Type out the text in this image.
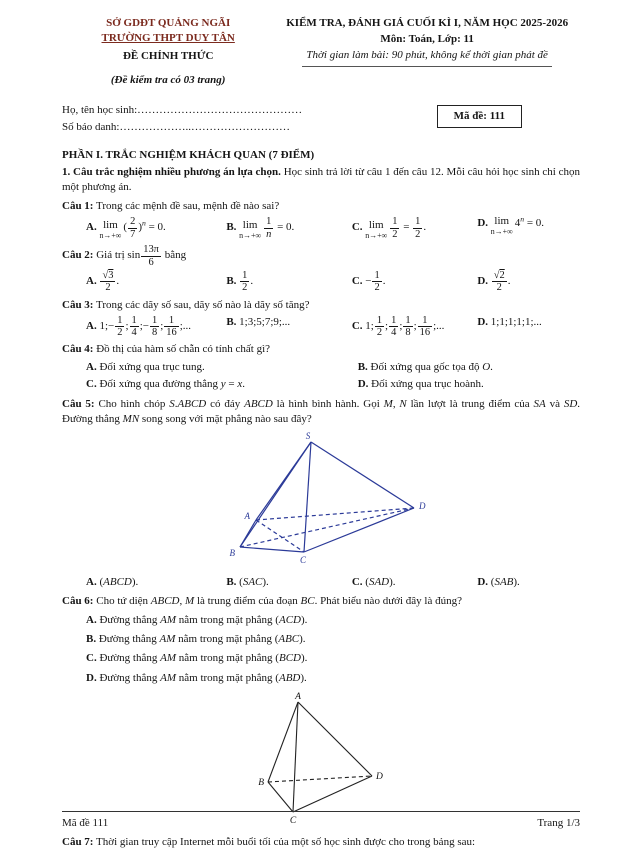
SỞ GDĐT QUẢNG NGÃI
TRƯỜNG THPT DUY TÂN
ĐỀ CHÍNH THỨC
(Đề kiểm tra có 03 trang)
KIỂM TRA, ĐÁNH GIÁ CUỐI KÌ I, NĂM HỌC 2025-2026
Môn: Toán, Lớp: 11
Thời gian làm bài: 90 phút, không kể thời gian phát đề
Họ, tên học sinh:………………………………………
Số báo danh:………………..………………………
Mã đề: 111
PHẦN I. TRẮC NGHIỆM KHÁCH QUAN (7 ĐIỂM)
1. Câu trắc nghiệm nhiều phương án lựa chọn. Học sinh trả lời từ câu 1 đến câu 12. Mỗi câu hỏi học sinh chỉ chọn một phương án.

Câu 1: Trong các mệnh đề sau, mệnh đề nào sai?

A. lim
n→+∞
( $\frac{2}{7} )^n = 0$.	B. lim
$n\to+\infty \frac{1}{n} = 0$.	C. lim
$n\to+\infty \frac{1}{2} = \frac{1}{2}$ .	D. lim
n→+∞
$4^n = 0$.

Câu 2: Giá trị $\sin \frac{13\pi}{6}$ bằng

A. $\frac{√3}{2}$ .	B. $\frac{1}{2}$ .	C. − $\frac{1}{2}$ .	D. $\frac{√2}{2}$ .

Câu 3: Trong các dãy số sau, dãy số nào là dãy số tăng?

A. 1;− $\frac{1}{2}$ ; $\frac{1}{4}$ ;− $\frac{1}{8}$ ; $\frac{1}{16}$ ;...	B. 1;3;5;7;9;...	C. 1; $\frac{1}{2}$ ; $\frac{1}{4}$ ; $\frac{1}{8}$ ; $\frac{1}{16}$ ;...	D. 1;1;1;1;1;...

Câu 4: Đồ thị của hàm số chẵn có tính chất gì?

A. Đối xứng qua trục tung.	B. Đối xứng qua gốc tọa độ O.
C. Đối xứng qua đường thẳng y = x.	D. Đối xứng qua trục hoành.

Câu 5: Cho hình chóp S.ABCD có đáy ABCD là hình bình hành. Gọi M, N lần lượt là trung điểm của SA và SD. Đường thẳng MN song song với mặt phẳng nào sau đây?

S
A
B
C
D
A. (ABCD).	B. (SAC).	C. (SAD).	D. (SAB).

Câu 6: Cho tứ diện ABCD, M là trung điểm của đoạn BC. Phát biểu nào dưới đây là đúng?

A. Đường thẳng AM nằm trong mặt phẳng (ACD).
B. Đường thẳng AM nằm trong mặt phẳng (ABC).
C. Đường thẳng AM nằm trong mặt phẳng (BCD).
D. Đường thẳng AM nằm trong mặt phẳng (ABD).
A
B
C
D

Câu 7: Thời gian truy cập Internet mỗi buổi tối của một số học sinh được cho trong bảng sau:

Mã đề 111	Trang 1/3
